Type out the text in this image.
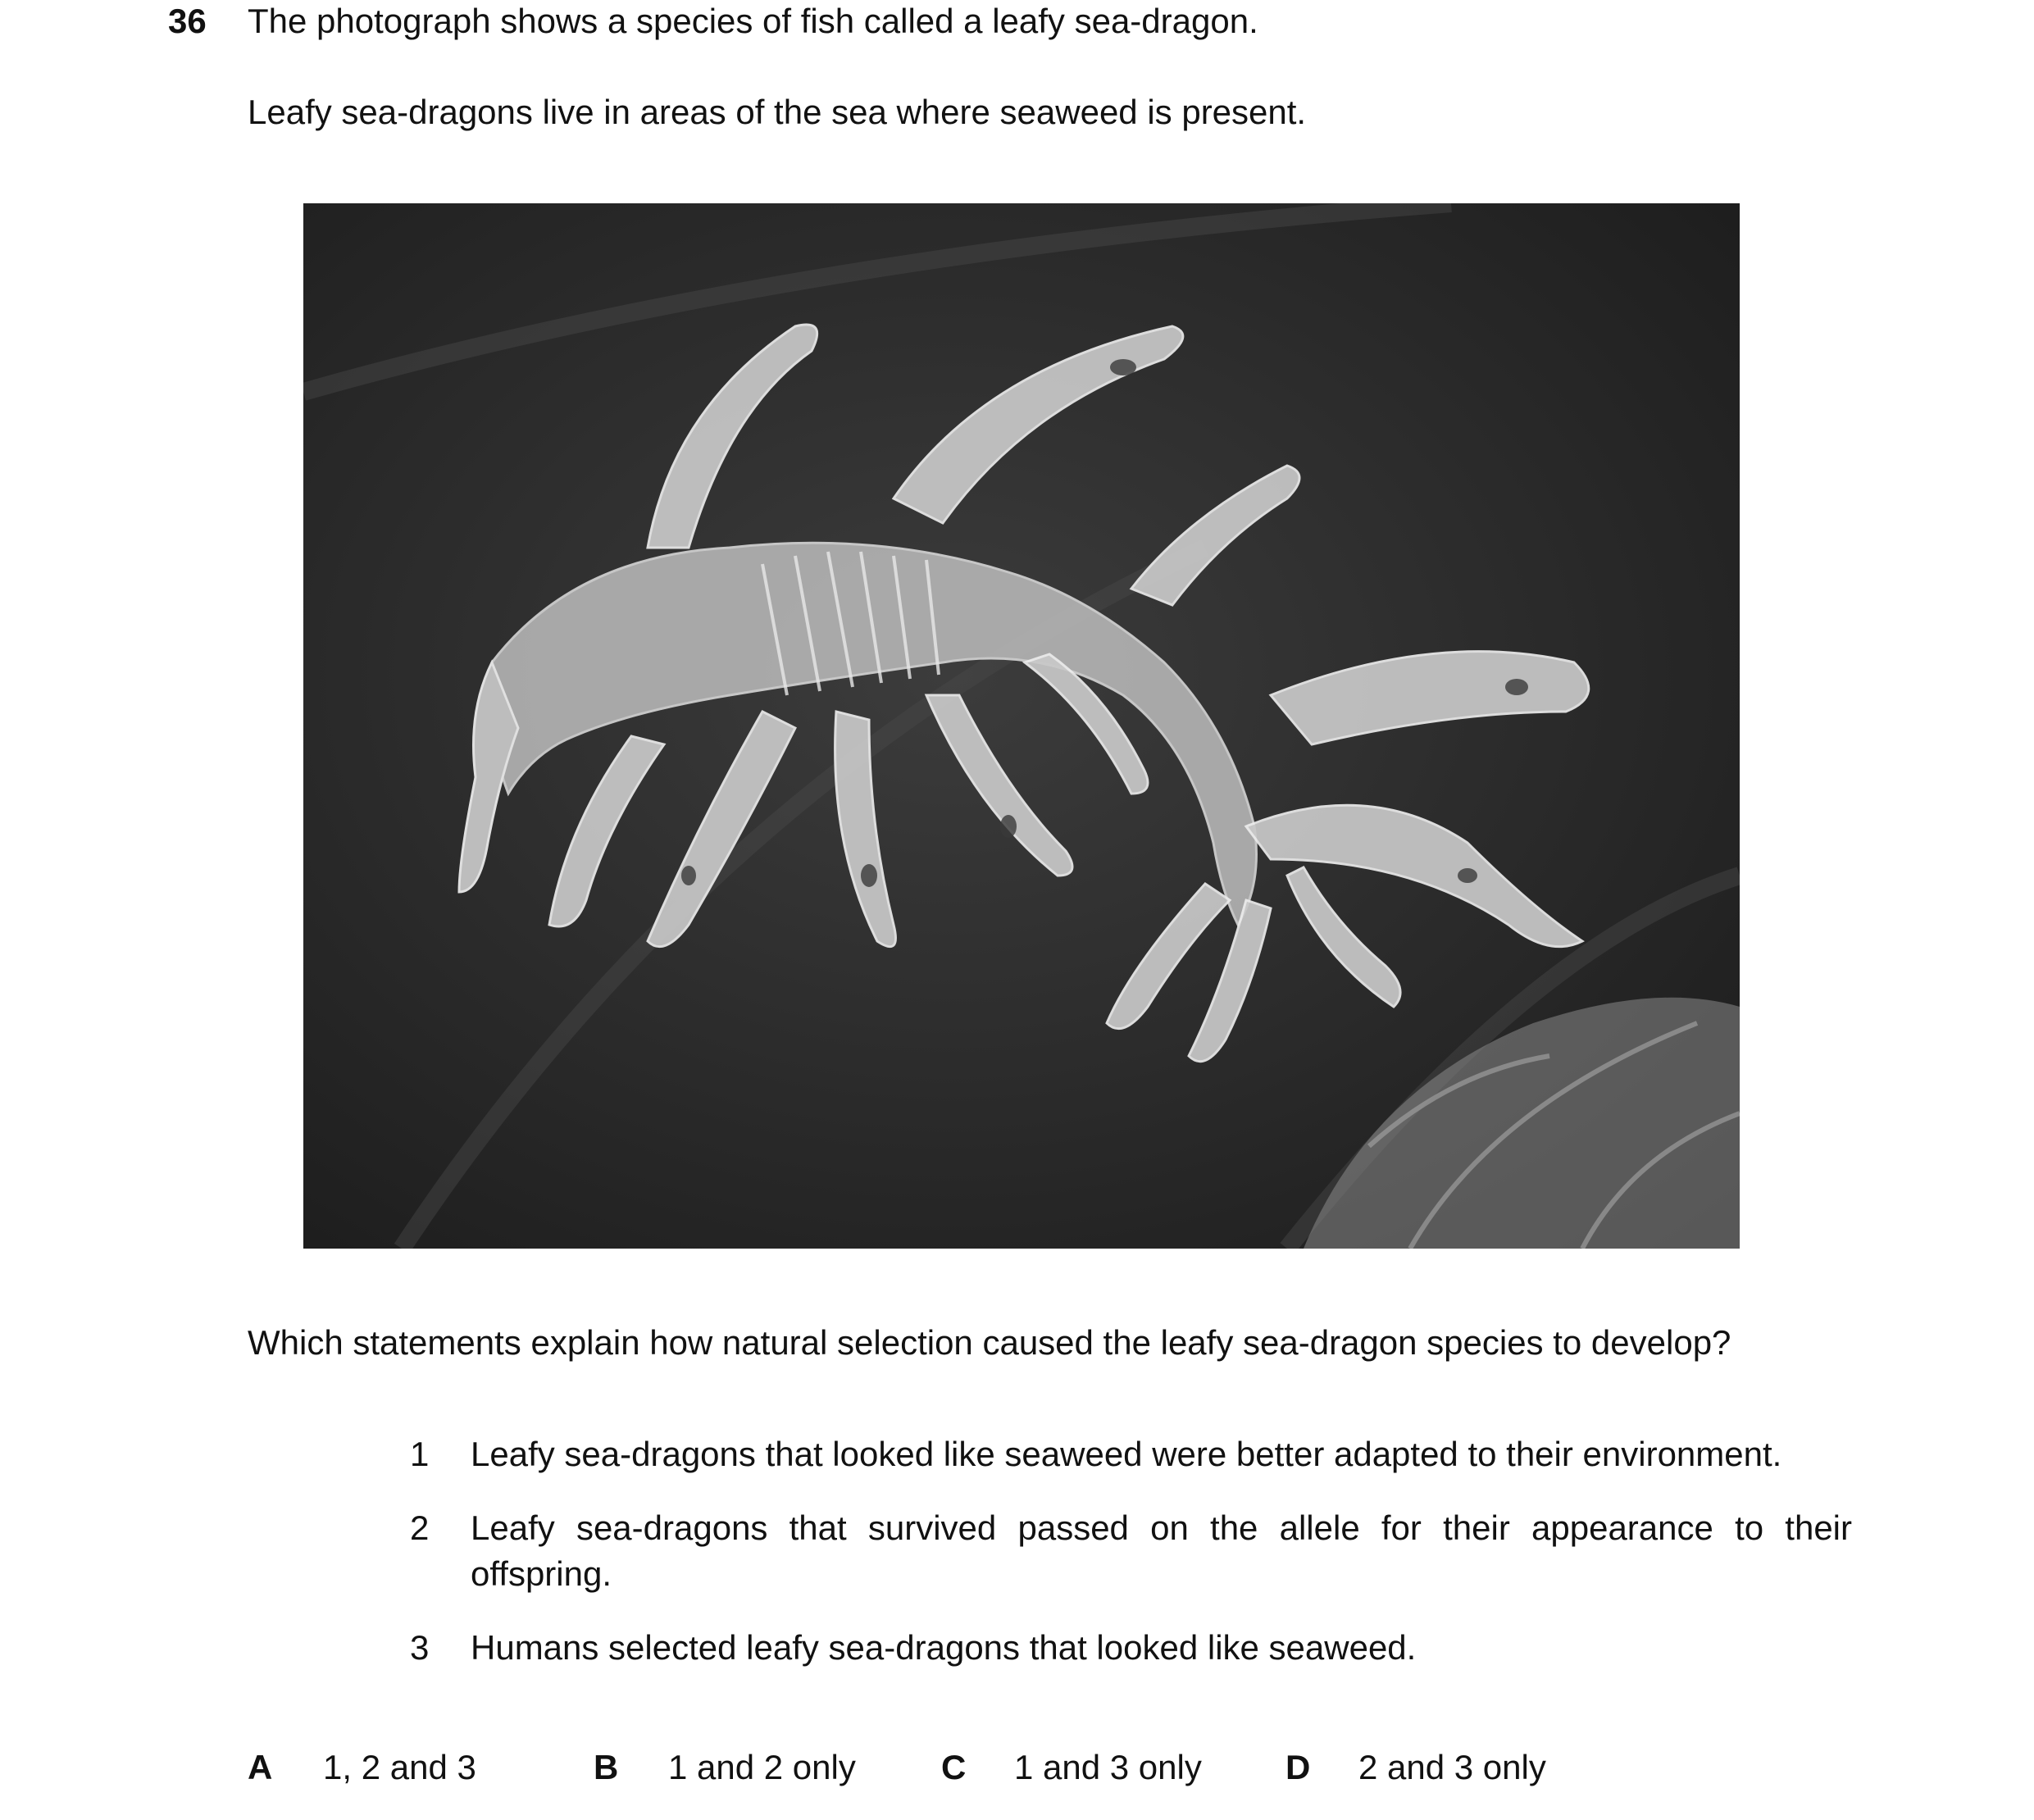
36 The photograph shows a species of fish called a leafy sea-dragon.
Leafy sea-dragons live in areas of the sea where seaweed is present.
Which statements explain how natural selection caused the leafy sea-dragon species to develop?
1 Leafy sea-dragons that looked like seaweed were better adapted to their environment.
2 Leafy sea-dragons that survived passed on the allele for their appearance to their offspring.
3 Humans selected leafy sea-dragons that looked like seaweed.
A 1, 2 and 3	B 1 and 2 only C 1 and 3 only D 2 and 3 only
